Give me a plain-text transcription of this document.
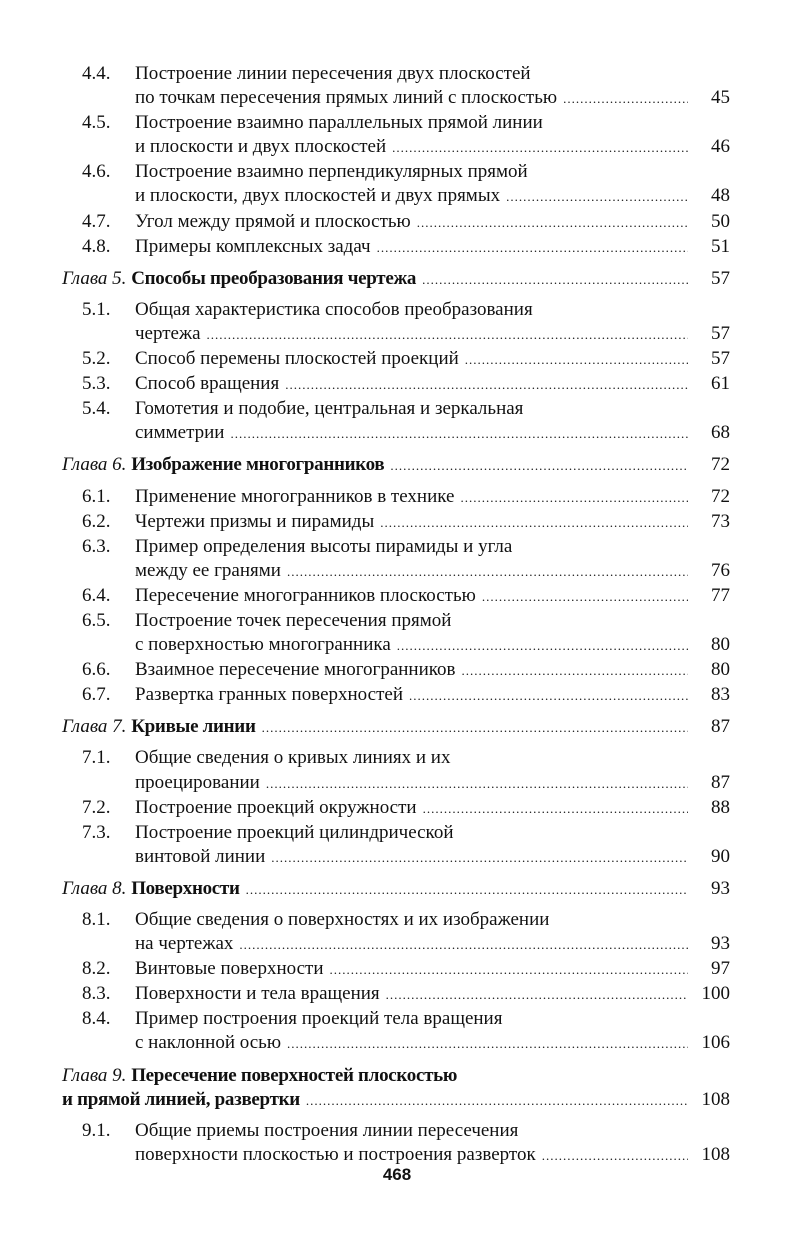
4.4. Построение линии пересечения двух плоскостей
по точкам пересечения прямых линий с плоскостью .....	45
4.5. Построение взаимно параллельных прямой линии
и плоскости и двух плоскостей .....	46
4.6. Построение взаимно перпендикулярных прямой
и плоскости, двух плоскостей и двух прямых .....	48
4.7. Угол между прямой и плоскостью .....	50
4.8. Примеры комплексных задач .....	51
Глава 5.
Способы преобразования чертежа .....	57
5.1. Общая характеристика способов преобразования
чертежа .....	57
5.2. Способ перемены плоскостей проекций .....	57
5.3. Способ вращения .....	61
5.4. Гомотетия и подобие, центральная и зеркальная
симметрии .....	68
Глава 6.
Изображение многогранников .....	72
6.1. Применение многогранников в технике .....	72
6.2. Чертежи призмы и пирамиды .....	73
6.3. Пример определения высоты пирамиды и угла
между ее гранями .....	76
6.4. Пересечение многогранников плоскостью .....	77
6.5. Построение точек пересечения прямой
с поверхностью многогранника .....	80
6.6. Взаимное пересечение многогранников .....	80
6.7. Развертка гранных поверхностей .....	83
Глава 7.
Кривые линии .....	87
7.1. Общие сведения о кривых линиях и их
проецировании .....	87
7.2. Построение проекций окружности .....	88
7.3. Построение проекций цилиндрической
винтовой линии .....	90
Глава 8.
Поверхности .....	93
8.1. Общие сведения о поверхностях и их изображении
на чертежах .....	93
8.2. Винтовые поверхности .....	97
8.3. Поверхности и тела вращения .....	100
8.4. Пример построения проекций тела вращения
с наклонной осью .....	106
Глава 9.
Пересечение поверхностей плоскостью
и прямой линией, развертки .....	108
9.1. Общие приемы построения линии пересечения
поверхности плоскостью и построения разверток .....	108
468
